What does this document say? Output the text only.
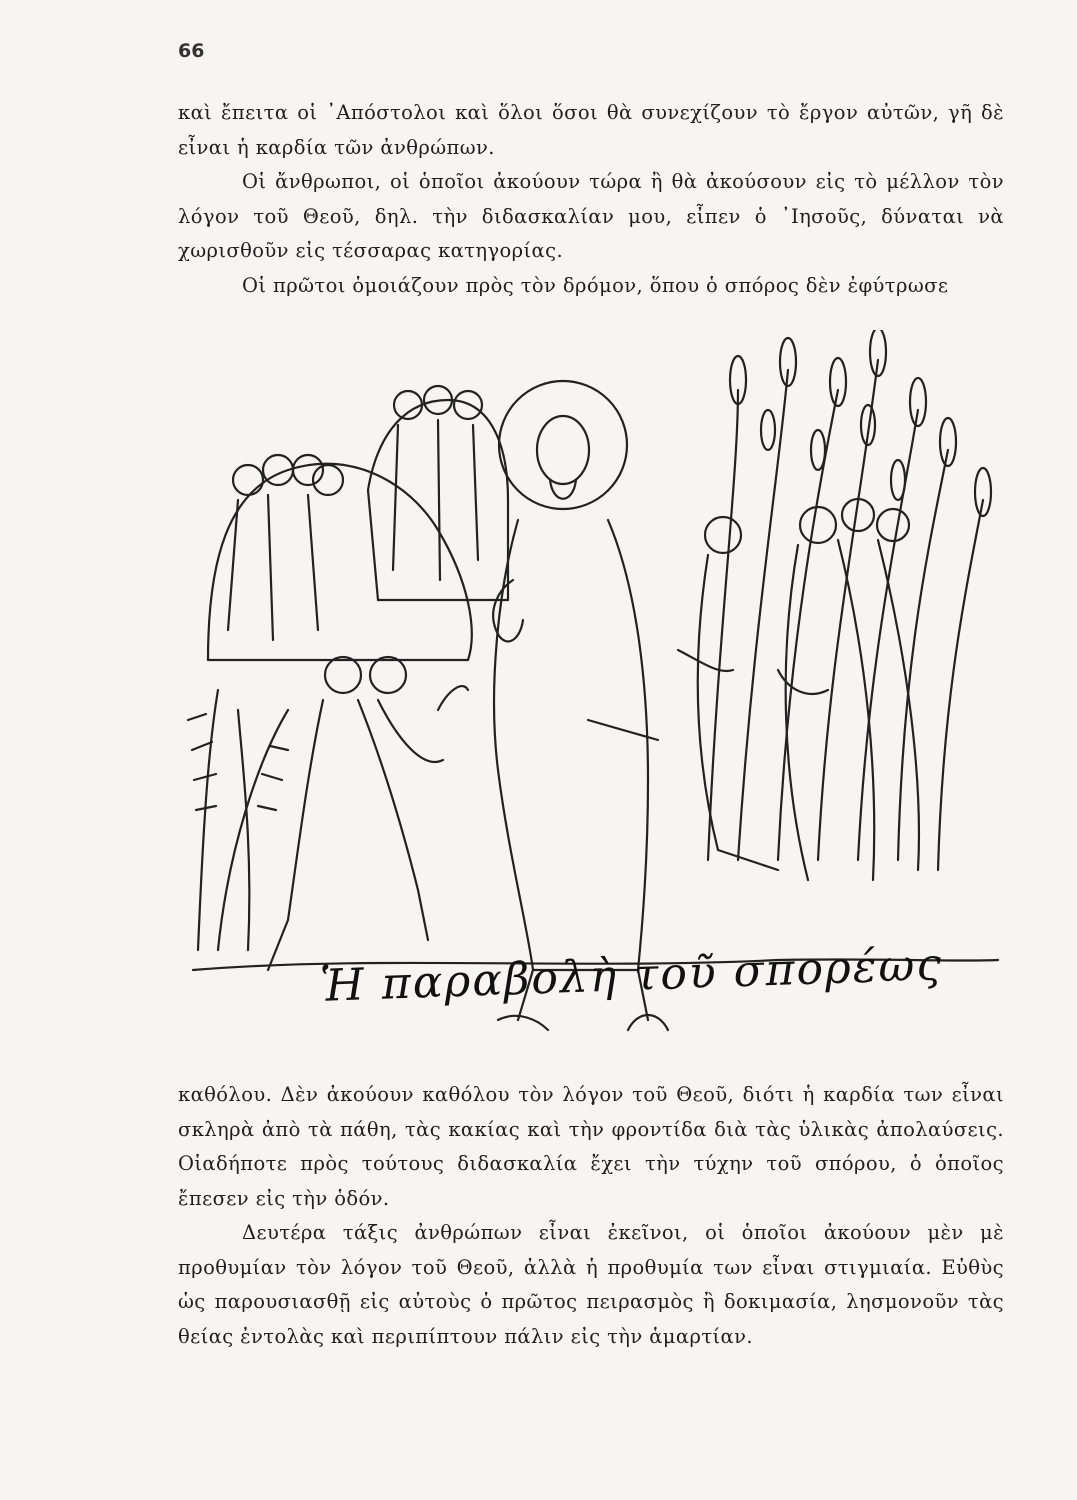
66

καὶ ἔπειτα οἱ ᾿Απόστολοι καὶ ὅλοι ὅσοι θὰ συνεχίζουν τὸ ἔργον αὐτῶν, γῆ δὲ εἶναι ἡ καρδία τῶν ἀνθρώπων.

Οἱ ἄνθρωποι, οἱ ὁποῖοι ἀκούουν τώρα ἢ θὰ ἀκούσουν εἰς τὸ μέλλον τὸν λόγον τοῦ Θεοῦ, δηλ. τὴν διδασκαλίαν μου, εἶπεν ὁ ᾿Ιησοῦς, δύναται νὰ χωρισθοῦν εἰς τέσσαρας κατηγορίας.

Οἱ πρῶτοι ὁμοιάζουν πρὸς τὸν δρόμον, ὅπου ὁ σπόρος δὲν ἐφύτρωσε

Ἡ παραβολὴ τοῦ σπορέως

καθόλου. Δὲν ἀκούουν καθόλου τὸν λόγον τοῦ Θεοῦ, διότι ἡ καρδία των εἶναι σκληρὰ ἀπὸ τὰ πάθη, τὰς κακίας καὶ τὴν φροντίδα διὰ τὰς ὑλικὰς ἀπολαύσεις. Οἱαδήποτε πρὸς τούτους διδασκαλία ἔχει τὴν τύχην τοῦ σπόρου, ὁ ὁποῖος ἔπεσεν εἰς τὴν ὁδόν.

Δευτέρα τάξις ἀνθρώπων εἶναι ἐκεῖνοι, οἱ ὁποῖοι ἀκούουν μὲν μὲ προθυμίαν τὸν λόγον τοῦ Θεοῦ, ἀλλὰ ἡ προθυμία των εἶναι στιγμιαία. Εὐθὺς ὡς παρουσιασθῇ εἰς αὐτοὺς ὁ πρῶτος πειρασμὸς ἢ δοκιμασία, λησμονοῦν τὰς θείας ἐντολὰς καὶ περιπίπτουν πάλιν εἰς τὴν ἁμαρτίαν.
